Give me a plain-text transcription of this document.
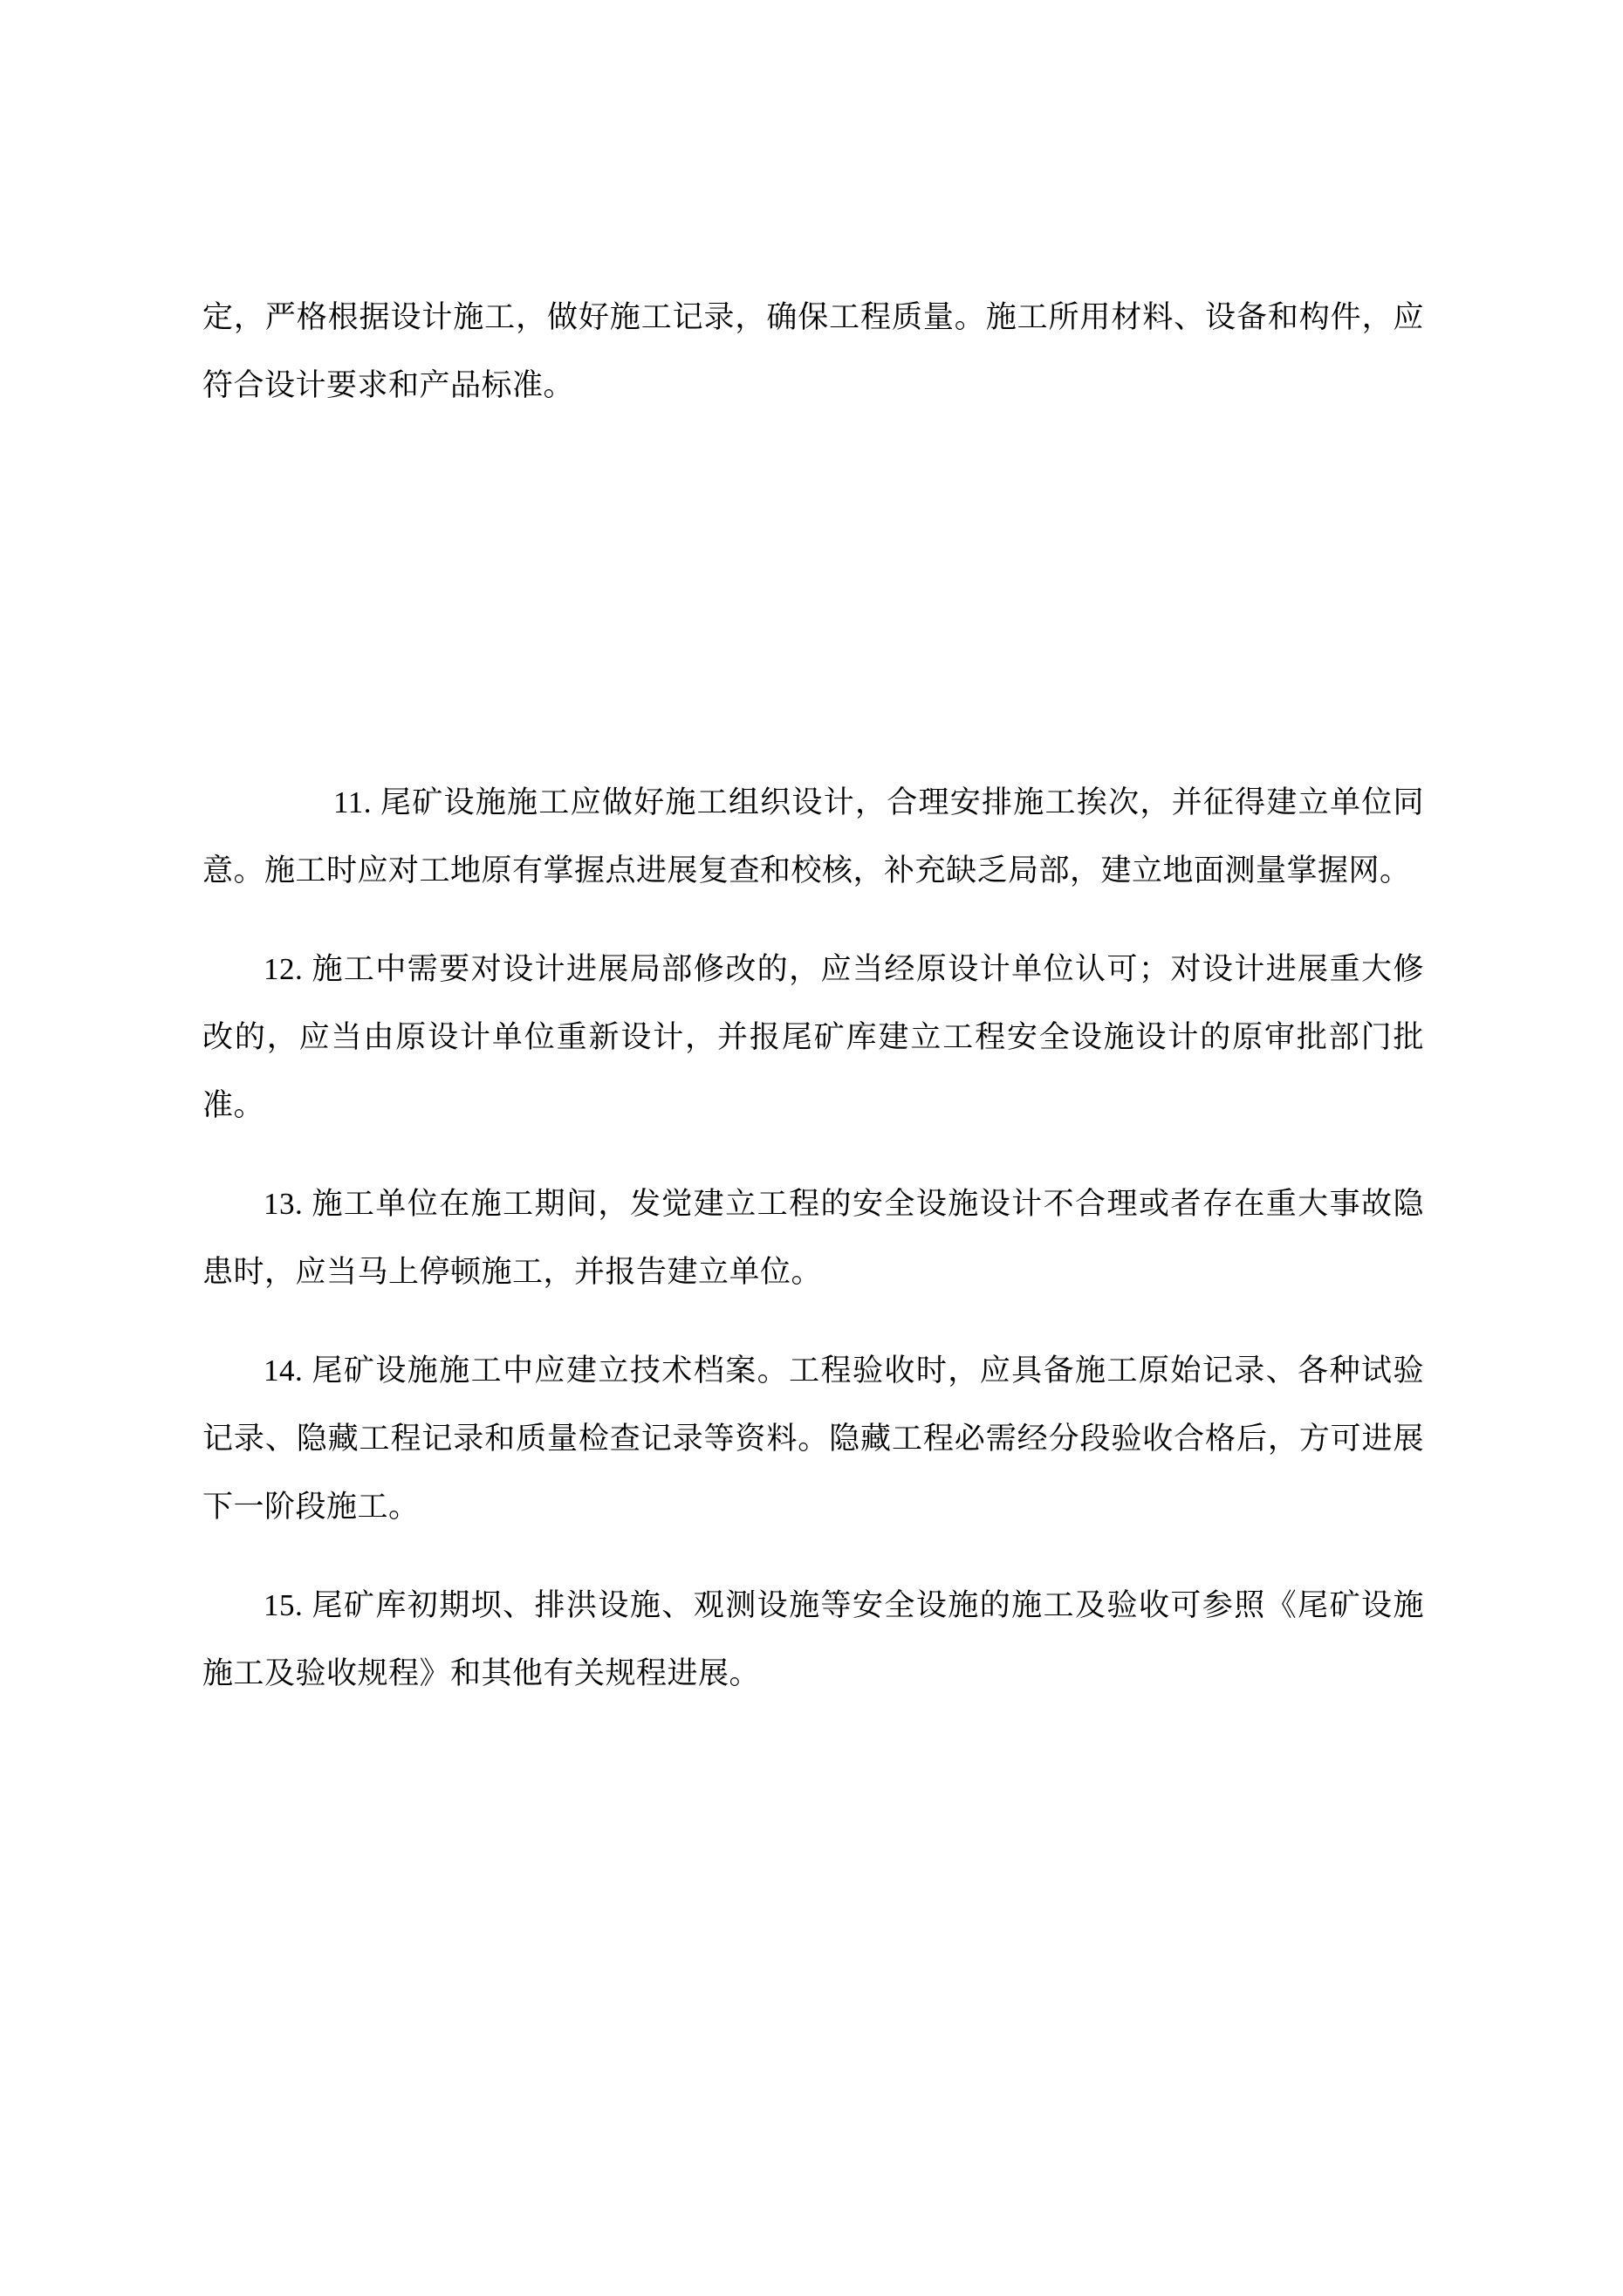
定，严格根据设计施工，做好施工记录，确保工程质量。施工所用材料、设备和构件，应符合设计要求和产品标准。

11. 尾矿设施施工应做好施工组织设计，合理安排施工挨次，并征得建立单位同意。施工时应对工地原有掌握点进展复查和校核，补充缺乏局部，建立地面测量掌握网。

12. 施工中需要对设计进展局部修改的，应当经原设计单位认可；对设计进展重大修改的，应当由原设计单位重新设计，并报尾矿库建立工程安全设施设计的原审批部门批准。

13. 施工单位在施工期间，发觉建立工程的安全设施设计不合理或者存在重大事故隐患时，应当马上停顿施工，并报告建立单位。

14. 尾矿设施施工中应建立技术档案。工程验收时，应具备施工原始记录、各种试验记录、隐藏工程记录和质量检查记录等资料。隐藏工程必需经分段验收合格后，方可进展下一阶段施工。

15. 尾矿库初期坝、排洪设施、观测设施等安全设施的施工及验收可参照《尾矿设施施工及验收规程》和其他有关规程进展。
